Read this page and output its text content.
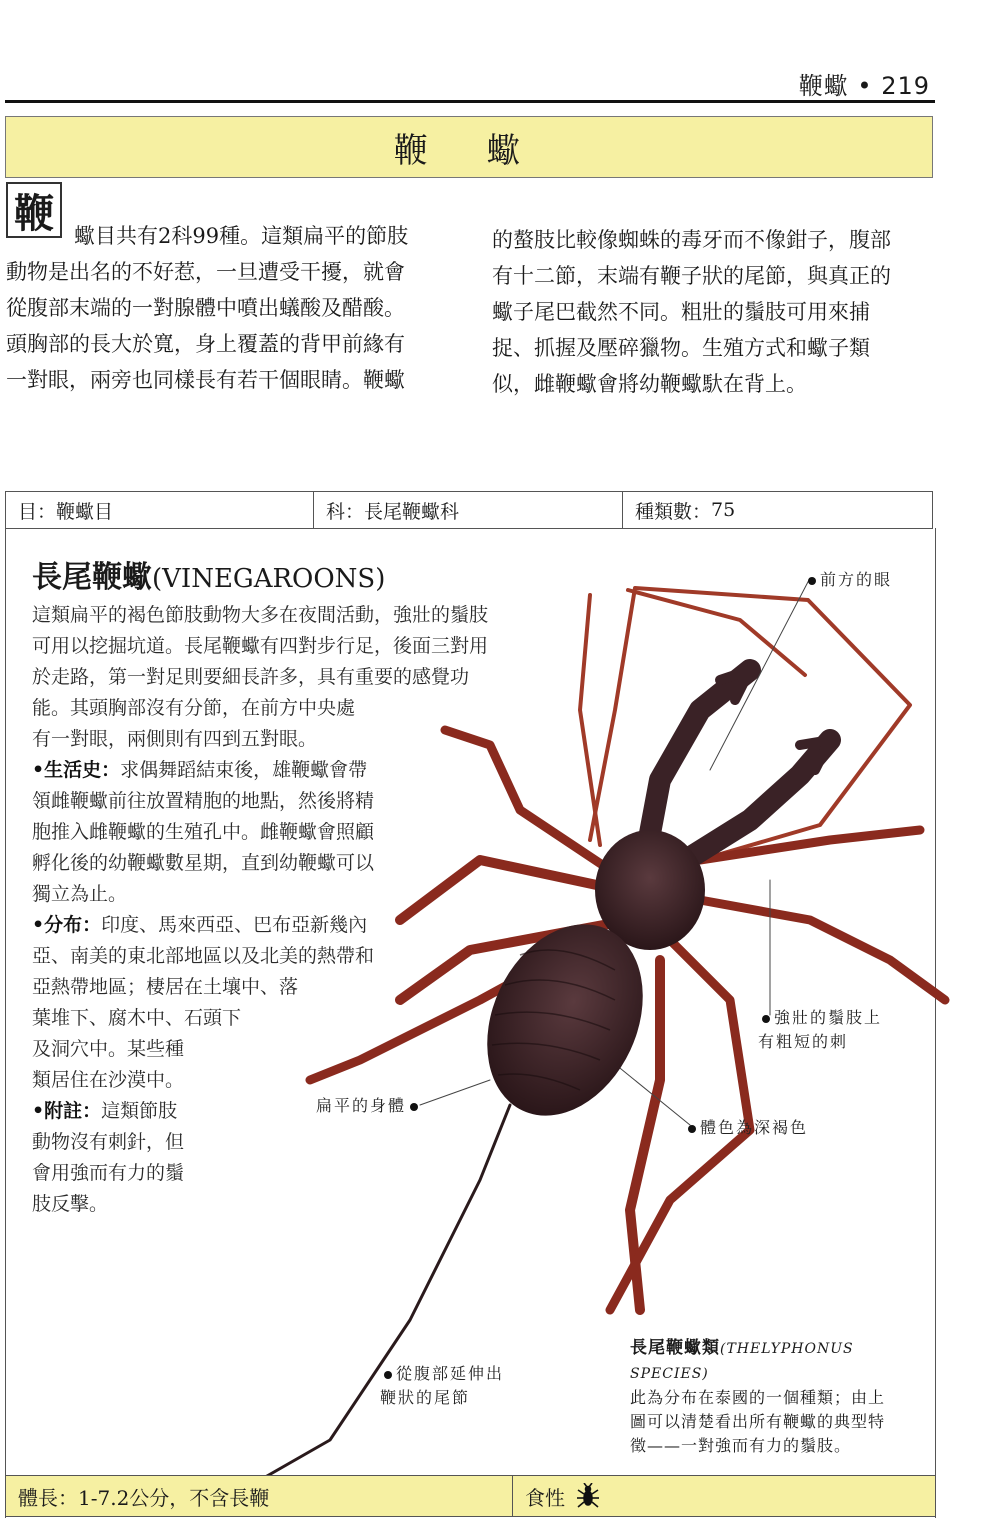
鞭蠍 • 219
鞭 蠍
鞭 蠍目共有2科99種。這類扁平的節肢
動物是出名的不好惹，一旦遭受干擾，就會
從腹部末端的一對腺體中噴出蟻酸及醋酸。
頭胸部的長大於寬，身上覆蓋的背甲前緣有
一對眼，兩旁也同樣長有若干個眼睛。鞭蠍
的螯肢比較像蜘蛛的毒牙而不像鉗子，腹部
有十二節，末端有鞭子狀的尾節，與真正的
蠍子尾巴截然不同。粗壯的鬚肢可用來捕
捉、抓握及壓碎獵物。生殖方式和蠍子類
似，雌鞭蠍會將幼鞭蠍馱在背上。
目：鞭蠍目	科：長尾鞭蠍科	種類數： 75
長尾鞭蠍(VINEGAROONS)

這類扁平的褐色節肢動物大多在夜間活動，強壯的鬚肢

可用以挖掘坑道。長尾鞭蠍有四對步行足，後面三對用

於走路，第一對足則要細長許多，具有重要的感覺功

能。其頭胸部沒有分節，在前方中央處

有一對眼，兩側則有四到五對眼。

•生活史：求偶舞蹈結束後，雄鞭蠍會帶

領雌鞭蠍前往放置精胞的地點，然後將精

胞推入雌鞭蠍的生殖孔中。雌鞭蠍會照顧

孵化後的幼鞭蠍數星期，直到幼鞭蠍可以

獨立為止。

•分布：印度、馬來西亞、巴布亞新幾內

亞、南美的東北部地區以及北美的熱帶和

亞熱帶地區；棲居在土壤中、落

葉堆下、腐木中、石頭下

及洞穴中。某些種

類居住在沙漠中。

•附註：這類節肢

動物沒有刺針，但

會用強而有力的鬚

肢反擊。

前方的眼
強壯的鬚肢上
有粗短的刺
扁平的身體
體色為深褐色
從腹部延伸出
鞭狀的尾節
長尾鞭蠍類(THELYPHONUS SPECIES)
此為分布在泰國的一個種類；由上
圖可以清楚看出所有鞭蠍的典型特
徵——一對強而有力的鬚肢。
體長：1-7.2公分，不含長鞭	食性
